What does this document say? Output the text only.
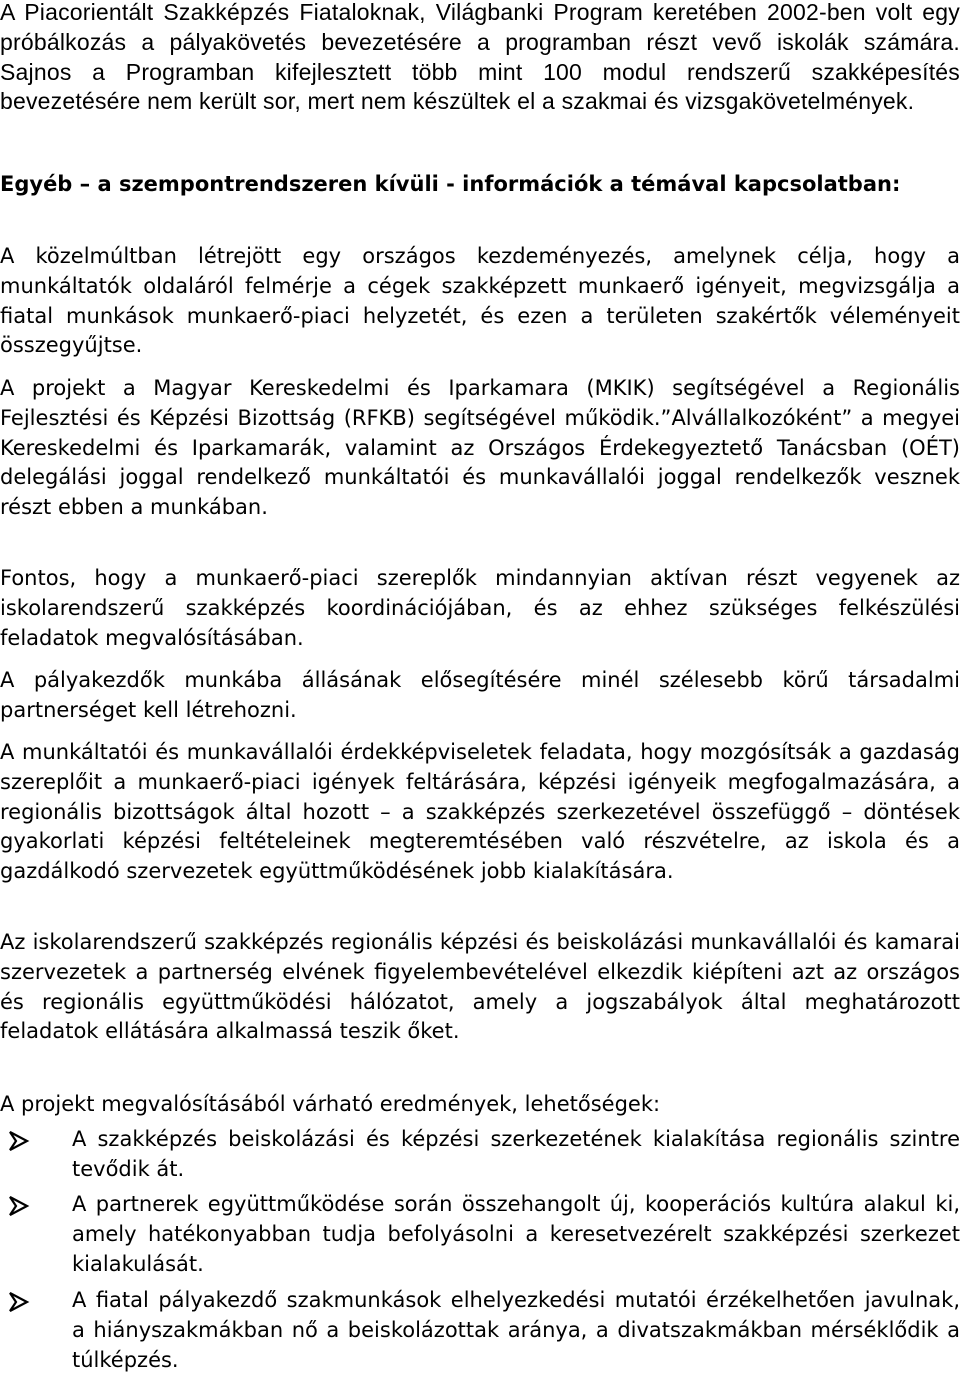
A Piacorientált Szakképzés Fiataloknak, Világbanki Program keretében 2002-ben volt egy próbálkozás a pályakövetés bevezetésére a programban részt vevő iskolák számára. Sajnos a Programban kifejlesztett több mint 100 modul rendszerű szakképesítés bevezetésére nem került sor, mert nem készültek el a szakmai és vizsgakövetelmények.

Egyéb – a szempontrendszeren kívüli - információk a témával kapcsolatban:

A közelmúltban létrejött egy országos kezdeményezés, amelynek célja, hogy a munkáltatók oldaláról felmérje a cégek szakképzett munkaerő igényeit, megvizsgálja a fiatal munkások munkaerő-piaci helyzetét, és ezen a területen szakértők véleményeit összegyűjtse.

A projekt a Magyar Kereskedelmi és Iparkamara (MKIK) segítségével a Regionális Fejlesztési és Képzési Bizottság (RFKB) segítségével működik.”Alvállalkozóként” a megyei Kereskedelmi és Iparkamarák, valamint az Országos Érdekegyeztető Tanácsban (OÉT) delegálási joggal rendelkező munkáltatói és munkavállalói joggal rendelkezők vesznek részt ebben a munkában.

Fontos, hogy a munkaerő-piaci szereplők mindannyian aktívan részt vegyenek az iskolarendszerű szakképzés koordinációjában, és az ehhez szükséges felkészülési feladatok megvalósításában.

A pályakezdők munkába állásának elősegítésére minél szélesebb körű társadalmi partnerséget kell létrehozni.

A munkáltatói és munkavállalói érdekképviseletek feladata, hogy mozgósítsák a gazdaság szereplőit a munkaerő-piaci igények feltárására, képzési igényeik megfogalmazására, a regionális bizottságok által hozott – a szakképzés szerkezetével összefüggő – döntések gyakorlati képzési feltételeinek megteremtésében való részvételre, az iskola és a gazdálkodó szervezetek együttműködésének jobb kialakítására.

Az iskolarendszerű szakképzés regionális képzési és beiskolázási munkavállalói és kamarai szervezetek a partnerség elvének figyelembevételével elkezdik kiépíteni azt az országos és regionális együttműködési hálózatot, amely a jogszabályok által meghatározott feladatok ellátására alkalmassá teszik őket.

A projekt megvalósításából várható eredmények, lehetőségek:

A szakképzés beiskolázási és képzési szerkezetének kialakítása regionális szintre tevődik át.

A partnerek együttműködése során összehangolt új, kooperációs kultúra alakul ki, amely hatékonyabban tudja befolyásolni a keresetvezérelt szakképzési szerkezet kialakulását.

A fiatal pályakezdő szakmunkások elhelyezkedési mutatói érzékelhetően javulnak, a hiányszakmákban nő a beiskolázottak aránya, a divatszakmákban mérséklődik a túlképzés.
